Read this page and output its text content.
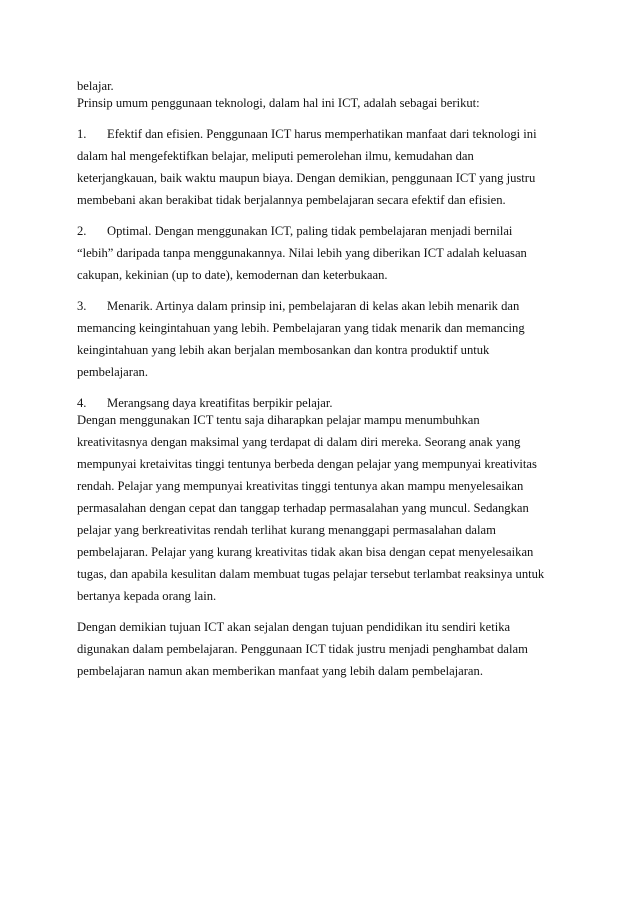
belajar.
Prinsip umum penggunaan teknologi, dalam hal ini ICT, adalah sebagai berikut:
1. Efektif dan efisien. Penggunaan ICT harus memperhatikan manfaat dari teknologi ini
dalam hal mengefektifkan belajar, meliputi pemerolehan ilmu, kemudahan dan
keterjangkauan, baik waktu maupun biaya. Dengan demikian, penggunaan ICT yang justru
membebani akan berakibat tidak berjalannya pembelajaran secara efektif dan efisien.
2. Optimal. Dengan menggunakan ICT, paling tidak pembelajaran menjadi bernilai
“lebih” daripada tanpa menggunakannya. Nilai lebih yang diberikan ICT adalah keluasan
cakupan, kekinian (up to date), kemodernan dan keterbukaan.
3. Menarik. Artinya dalam prinsip ini, pembelajaran di kelas akan lebih menarik dan
memancing keingintahuan yang lebih. Pembelajaran yang tidak menarik dan memancing
keingintahuan yang lebih akan berjalan membosankan dan kontra produktif untuk
pembelajaran.
4. Merangsang daya kreatifitas berpikir pelajar.
Dengan menggunakan ICT tentu saja diharapkan pelajar mampu menumbuhkan
kreativitasnya dengan maksimal yang terdapat di dalam diri mereka. Seorang anak yang
mempunyai kretaivitas tinggi tentunya berbeda dengan pelajar yang mempunyai kreativitas
rendah. Pelajar yang mempunyai kreativitas tinggi tentunya akan mampu menyelesaikan
permasalahan dengan cepat dan tanggap terhadap permasalahan yang muncul. Sedangkan
pelajar yang berkreativitas rendah terlihat kurang menanggapi permasalahan dalam
pembelajaran. Pelajar yang kurang kreativitas tidak akan bisa dengan cepat menyelesaikan
tugas, dan apabila kesulitan dalam membuat tugas pelajar tersebut terlambat reaksinya untuk
bertanya kepada orang lain.
Dengan demikian tujuan ICT akan sejalan dengan tujuan pendidikan itu sendiri ketika
digunakan dalam pembelajaran. Penggunaan ICT tidak justru menjadi penghambat dalam
pembelajaran namun akan memberikan manfaat yang lebih dalam pembelajaran.
